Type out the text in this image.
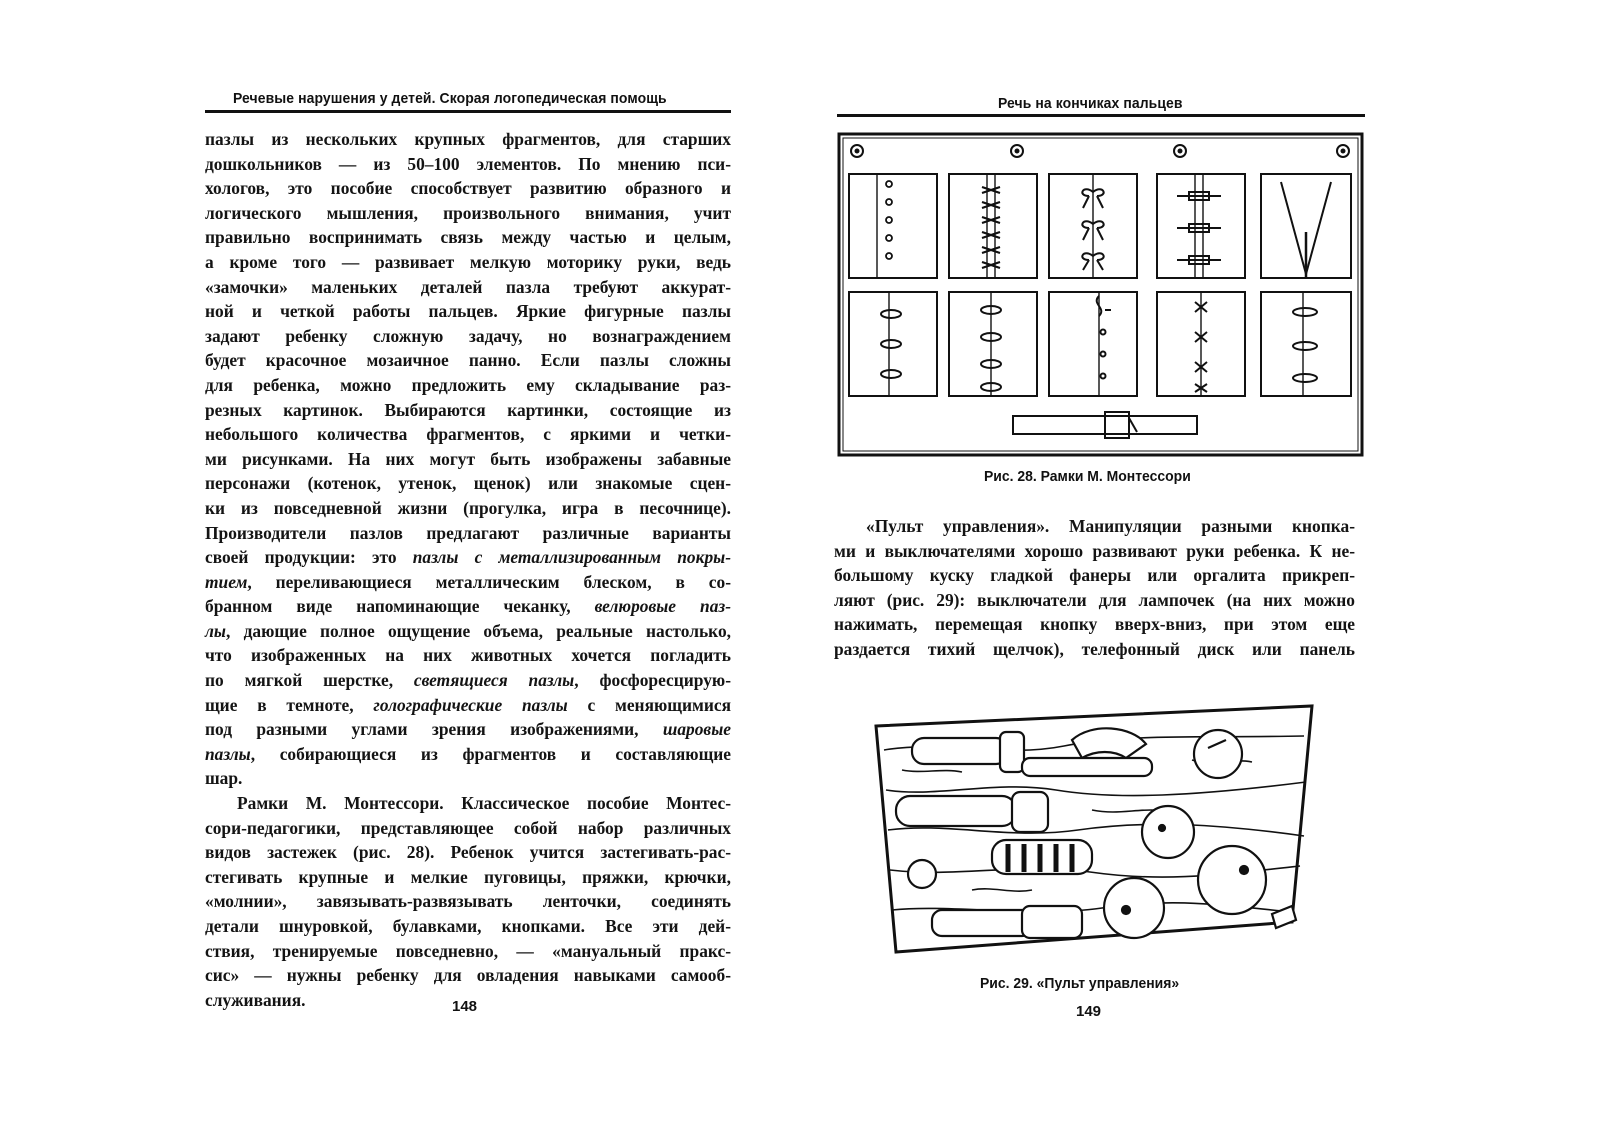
Речевые нарушения у детей. Скорая логопедическая помощь
пазлы из нескольких крупных фрагментов, для старших
дошкольников — из 50–100 элементов. По мнению пси-
хологов, это пособие способствует развитию образного и
логического мышления, произвольного внимания, учит
правильно воспринимать связь между частью и целым,
а кроме того — развивает мелкую моторику руки, ведь
«замочки» маленьких деталей пазла требуют аккурат-
ной и четкой работы пальцев. Яркие фигурные пазлы
задают ребенку сложную задачу, но вознаграждением
будет красочное мозаичное панно. Если пазлы сложны
для ребенка, можно предложить ему складывание раз-
резных картинок. Выбираются картинки, состоящие из
небольшого количества фрагментов, с яркими и четки-
ми рисунками. На них могут быть изображены забавные
персонажи (котенок, утенок, щенок) или знакомые сцен-
ки из повседневной жизни (прогулка, игра в песочнице).
Производители пазлов предлагают различные варианты
своей продукции: это пазлы с металлизированным покры-
тием, переливающиеся металлическим блеском, в со-
бранном виде напоминающие чеканку, велюровые паз-
лы, дающие полное ощущение объема, реальные настолько,
что изображенных на них животных хочется погладить
по мягкой шерстке, светящиеся пазлы, фосфоресцирую-
щие в темноте, голографические пазлы с меняющимися
под разными углами зрения изображениями, шаровые
пазлы, собирающиеся из фрагментов и составляющие
шар.
Рамки М. Монтессори. Классическое пособие Монтес-
сори-педагогики, представляющее собой набор различных
видов застежек (рис. 28). Ребенок учится застегивать-рас-
стегивать крупные и мелкие пуговицы, пряжки, крючки,
«молнии», завязывать-развязывать ленточки, соединять
детали шнуровкой, булавками, кнопками. Все эти дей-
ствия, тренируемые повседневно, — «мануальный пракс-
сис» — нужны ребенку для овладения навыками самооб-
служивания.	148
Речь на кончиках пальцев
Рис. 28. Рамки М. Монтессори
«Пульт управления». Манипуляции разными кнопка-
ми и выключателями хорошо развивают руки ребенка. К не-
большому куску гладкой фанеры или оргалита прикреп-
ляют (рис. 29): выключатели для лампочек (на них можно
нажимать, перемещая кнопку вверх-вниз, при этом еще
раздается тихий щелчок), телефонный диск или панель
Рис. 29. «Пульт управления»
149
